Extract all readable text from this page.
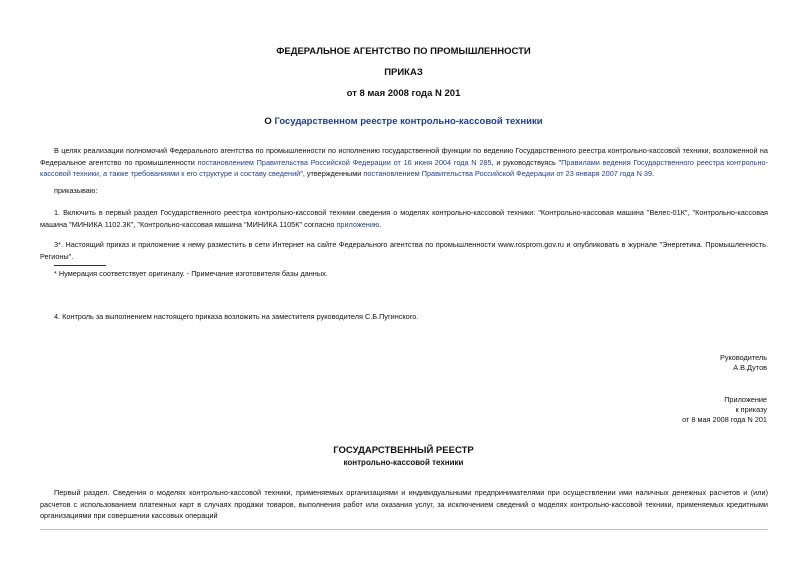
ФЕДЕРАЛЬНОЕ АГЕНТСТВО ПО ПРОМЫШЛЕННОСТИ
ПРИКАЗ
от 8 мая 2008 года N 201
О Государственном реестре контрольно-кассовой техники
В целях реализации полномочий Федерального агентства по промышленности по исполнению государственной функции по ведению Государственного реестра контрольно-кассовой техники, возложенной на Федеральное агентство по промышленности постановлением Правительства Российской Федерации от 16 июня 2004 года N 285, и руководствуясь "Правилами ведения Государственного реестра контрольно-кассовой техники, а также требованиями к его структуре и составу сведений", утвержденными постановлением Правительства Российской Федерации от 23 января 2007 года N 39.
приказываю:
1. Включить в первый раздел Государственного реестра контрольно-кассовой техники сведения о моделях контрольно-кассовой техники: "Контрольно-кассовая машина "Велес-01К", "Контрольно-кассовая машина "МИНИКА 1102.3К", "Контрольно-кассовая машина "МИНИКА 1105К" согласно приложению.
3*. Настоящий приказ и приложение к нему разместить в сети Интернет на сайте Федерального агентства по промышленности www.rosprom.gov.ru и опубликовать в журнале "Энергетика. Промышленность. Регионы".
* Нумерация соответствует оригиналу. - Примечание изготовителя базы данных.
4. Контроль за выполнением настоящего приказа возложить на заместителя руководителя С.Б.Пугинского.
Руководитель
А.В.Дутов
Приложение
к приказу
от 8 мая 2008 года N 201
ГОСУДАРСТВЕННЫЙ РЕЕСТР
контрольно-кассовой техники
Первый раздел. Сведения о моделях контрольно-кассовой техники, применяемых организациями и индивидуальными предпринимателями при осуществлении ими наличных денежных расчетов и (или) расчетов с использованием платежных карт в случаях продажи товаров, выполнения работ или оказания услуг, за исключением сведений о моделях контрольно-кассовой техники, применяемых кредитными организациями при совершении кассовых операций
